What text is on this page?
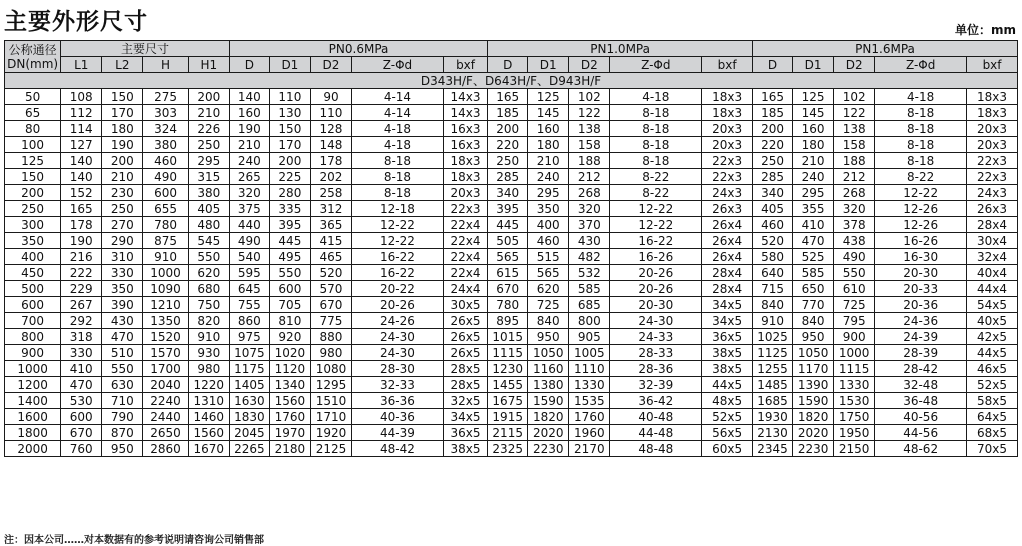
主要外形尺寸	单位：mm
公称通径
DN(mm)	主要尺寸				PN0.6MPa					PN1.0MPa					PN1.6MPa				
	L1	L2	H	H1	D	D1	D2	Z-Φd	bxf	D	D1	D2	Z-Φd	bxf	D	D1	D2	Z-Φd	bxf
D343H/F、D643H/F、D943H/F																			
50	108	150	275	200	140	110	90	4-14	14x3	165	125	102	4-18	18x3	165	125	102	4-18	18x3
65	112	170	303	210	160	130	110	4-14	14x3	185	145	122	8-18	18x3	185	145	122	8-18	18x3
80	114	180	324	226	190	150	128	4-18	16x3	200	160	138	8-18	20x3	200	160	138	8-18	20x3
100	127	190	380	250	210	170	148	4-18	16x3	220	180	158	8-18	20x3	220	180	158	8-18	20x3
125	140	200	460	295	240	200	178	8-18	18x3	250	210	188	8-18	22x3	250	210	188	8-18	22x3
150	140	210	490	315	265	225	202	8-18	18x3	285	240	212	8-22	22x3	285	240	212	8-22	22x3
200	152	230	600	380	320	280	258	8-18	20x3	340	295	268	8-22	24x3	340	295	268	12-22	24x3
250	165	250	655	405	375	335	312	12-18	22x3	395	350	320	12-22	26x3	405	355	320	12-26	26x3
300	178	270	780	480	440	395	365	12-22	22x4	445	400	370	12-22	26x4	460	410	378	12-26	28x4
350	190	290	875	545	490	445	415	12-22	22x4	505	460	430	16-22	26x4	520	470	438	16-26	30x4
400	216	310	910	550	540	495	465	16-22	22x4	565	515	482	16-26	26x4	580	525	490	16-30	32x4
450	222	330	1000	620	595	550	520	16-22	22x4	615	565	532	20-26	28x4	640	585	550	20-30	40x4
500	229	350	1090	680	645	600	570	20-22	24x4	670	620	585	20-26	28x4	715	650	610	20-33	44x4
600	267	390	1210	750	755	705	670	20-26	30x5	780	725	685	20-30	34x5	840	770	725	20-36	54x5
700	292	430	1350	820	860	810	775	24-26	26x5	895	840	800	24-30	34x5	910	840	795	24-36	40x5
800	318	470	1520	910	975	920	880	24-30	26x5	1015	950	905	24-33	36x5	1025	950	900	24-39	42x5
900	330	510	1570	930	1075	1020	980	24-30	26x5	1115	1050	1005	28-33	38x5	1125	1050	1000	28-39	44x5
1000	410	550	1700	980	1175	1120	1080	28-30	28x5	1230	1160	1110	28-36	38x5	1255	1170	1115	28-42	46x5
1200	470	630	2040	1220	1405	1340	1295	32-33	28x5	1455	1380	1330	32-39	44x5	1485	1390	1330	32-48	52x5
1400	530	710	2240	1310	1630	1560	1510	36-36	32x5	1675	1590	1535	36-42	48x5	1685	1590	1530	36-48	58x5
1600	600	790	2440	1460	1830	1760	1710	40-36	34x5	1915	1820	1760	40-48	52x5	1930	1820	1750	40-56	64x5
1800	670	870	2650	1560	2045	1970	1920	44-39	36x5	2115	2020	1960	44-48	56x5	2130	2020	1950	44-56	68x5
2000	760	950	2860	1670	2265	2180	2125	48-42	38x5	2325	2230	2170	48-48	60x5	2345	2230	2150	48-62	70x5
注：因本公司……对本数据有的参考说明请咨询公司销售部
